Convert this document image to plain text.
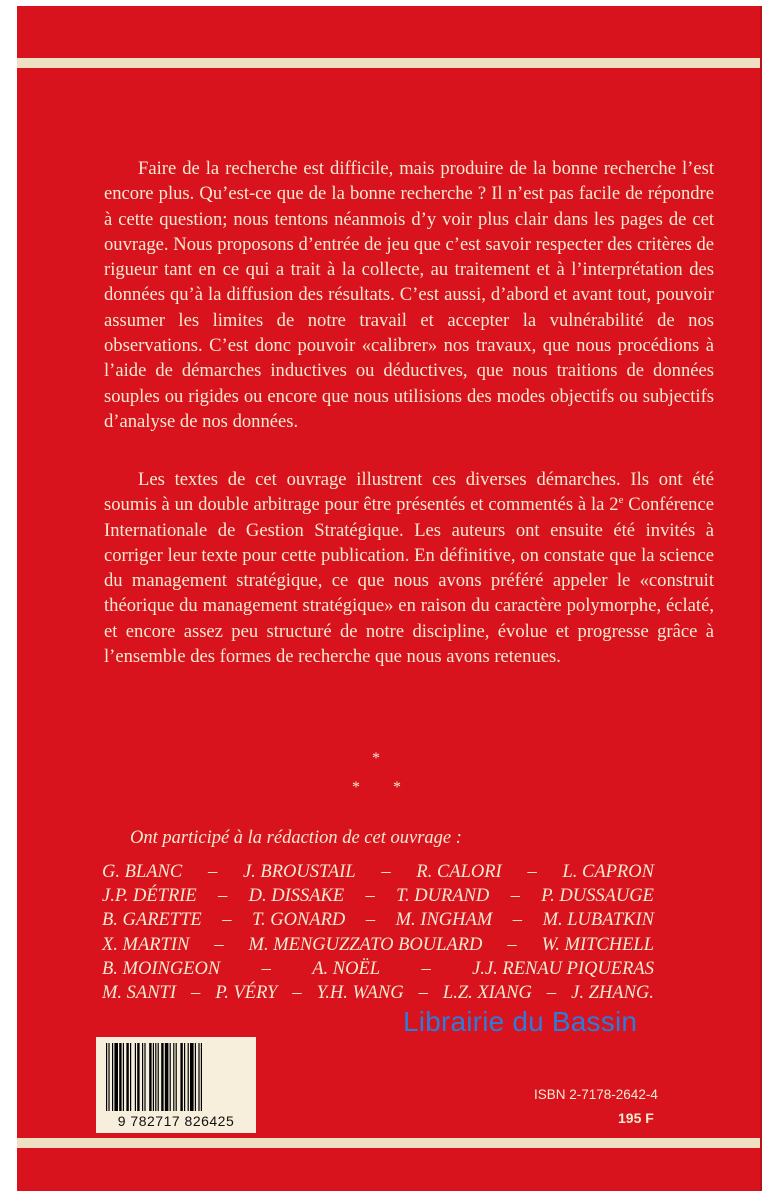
Faire de la recherche est difficile, mais produire de la bonne recherche l’est encore plus. Qu’est-ce que de la bonne recherche ? Il n’est pas facile de répondre à cette question; nous tentons néanmois d’y voir plus clair dans les pages de cet ouvrage. Nous proposons d’entrée de jeu que c’est savoir respecter des critères de rigueur tant en ce qui a trait à la collecte, au traitement et à l’interprétation des données qu’à la diffusion des résultats. C’est aussi, d’abord et avant tout, pouvoir assumer les limites de notre travail et accepter la vulnérabilité de nos observations. C’est donc pouvoir «calibrer» nos travaux, que nous procédions à l’aide de démarches inductives ou déductives, que nous traitions de données souples ou rigides ou encore que nous utilisions des modes objectifs ou subjectifs d’analyse de nos données.

Les textes de cet ouvrage illustrent ces diverses démarches. Ils ont été soumis à un double arbitrage pour être présentés et commentés à la 2e Conférence Internationale de Gestion Stratégique. Les auteurs ont ensuite été invités à corriger leur texte pour cette publication. En définitive, on constate que la science du management stratégique, ce que nous avons préféré appeler le «construit théorique du management stratégique» en raison du caractère polymorphe, éclaté, et encore assez peu structuré de notre discipline, évolue et progresse grâce à l’ensemble des formes de recherche que nous avons retenues.

*
* *
Ont participé à la rédaction de cet ouvrage :
G. BLANC – J. BROUSTAIL – R. CALORI – L. CAPRON
J.P. DÉTRIE – D. DISSAKE – T. DURAND – P. DUSSAUGE
B. GARETTE – T. GONARD – M. INGHAM – M. LUBATKIN
X. MARTIN – M. MENGUZZATO BOULARD – W. MITCHELL
B. MOINGEON – A. NOËL – J.J. RENAU PIQUERAS
M. SANTI – P. VÉRY – Y.H. WANG – L.Z. XIANG – J. ZHANG.
Librairie du Bassin
9 782717 826425
ISBN 2-7178-2642-4
195 F
